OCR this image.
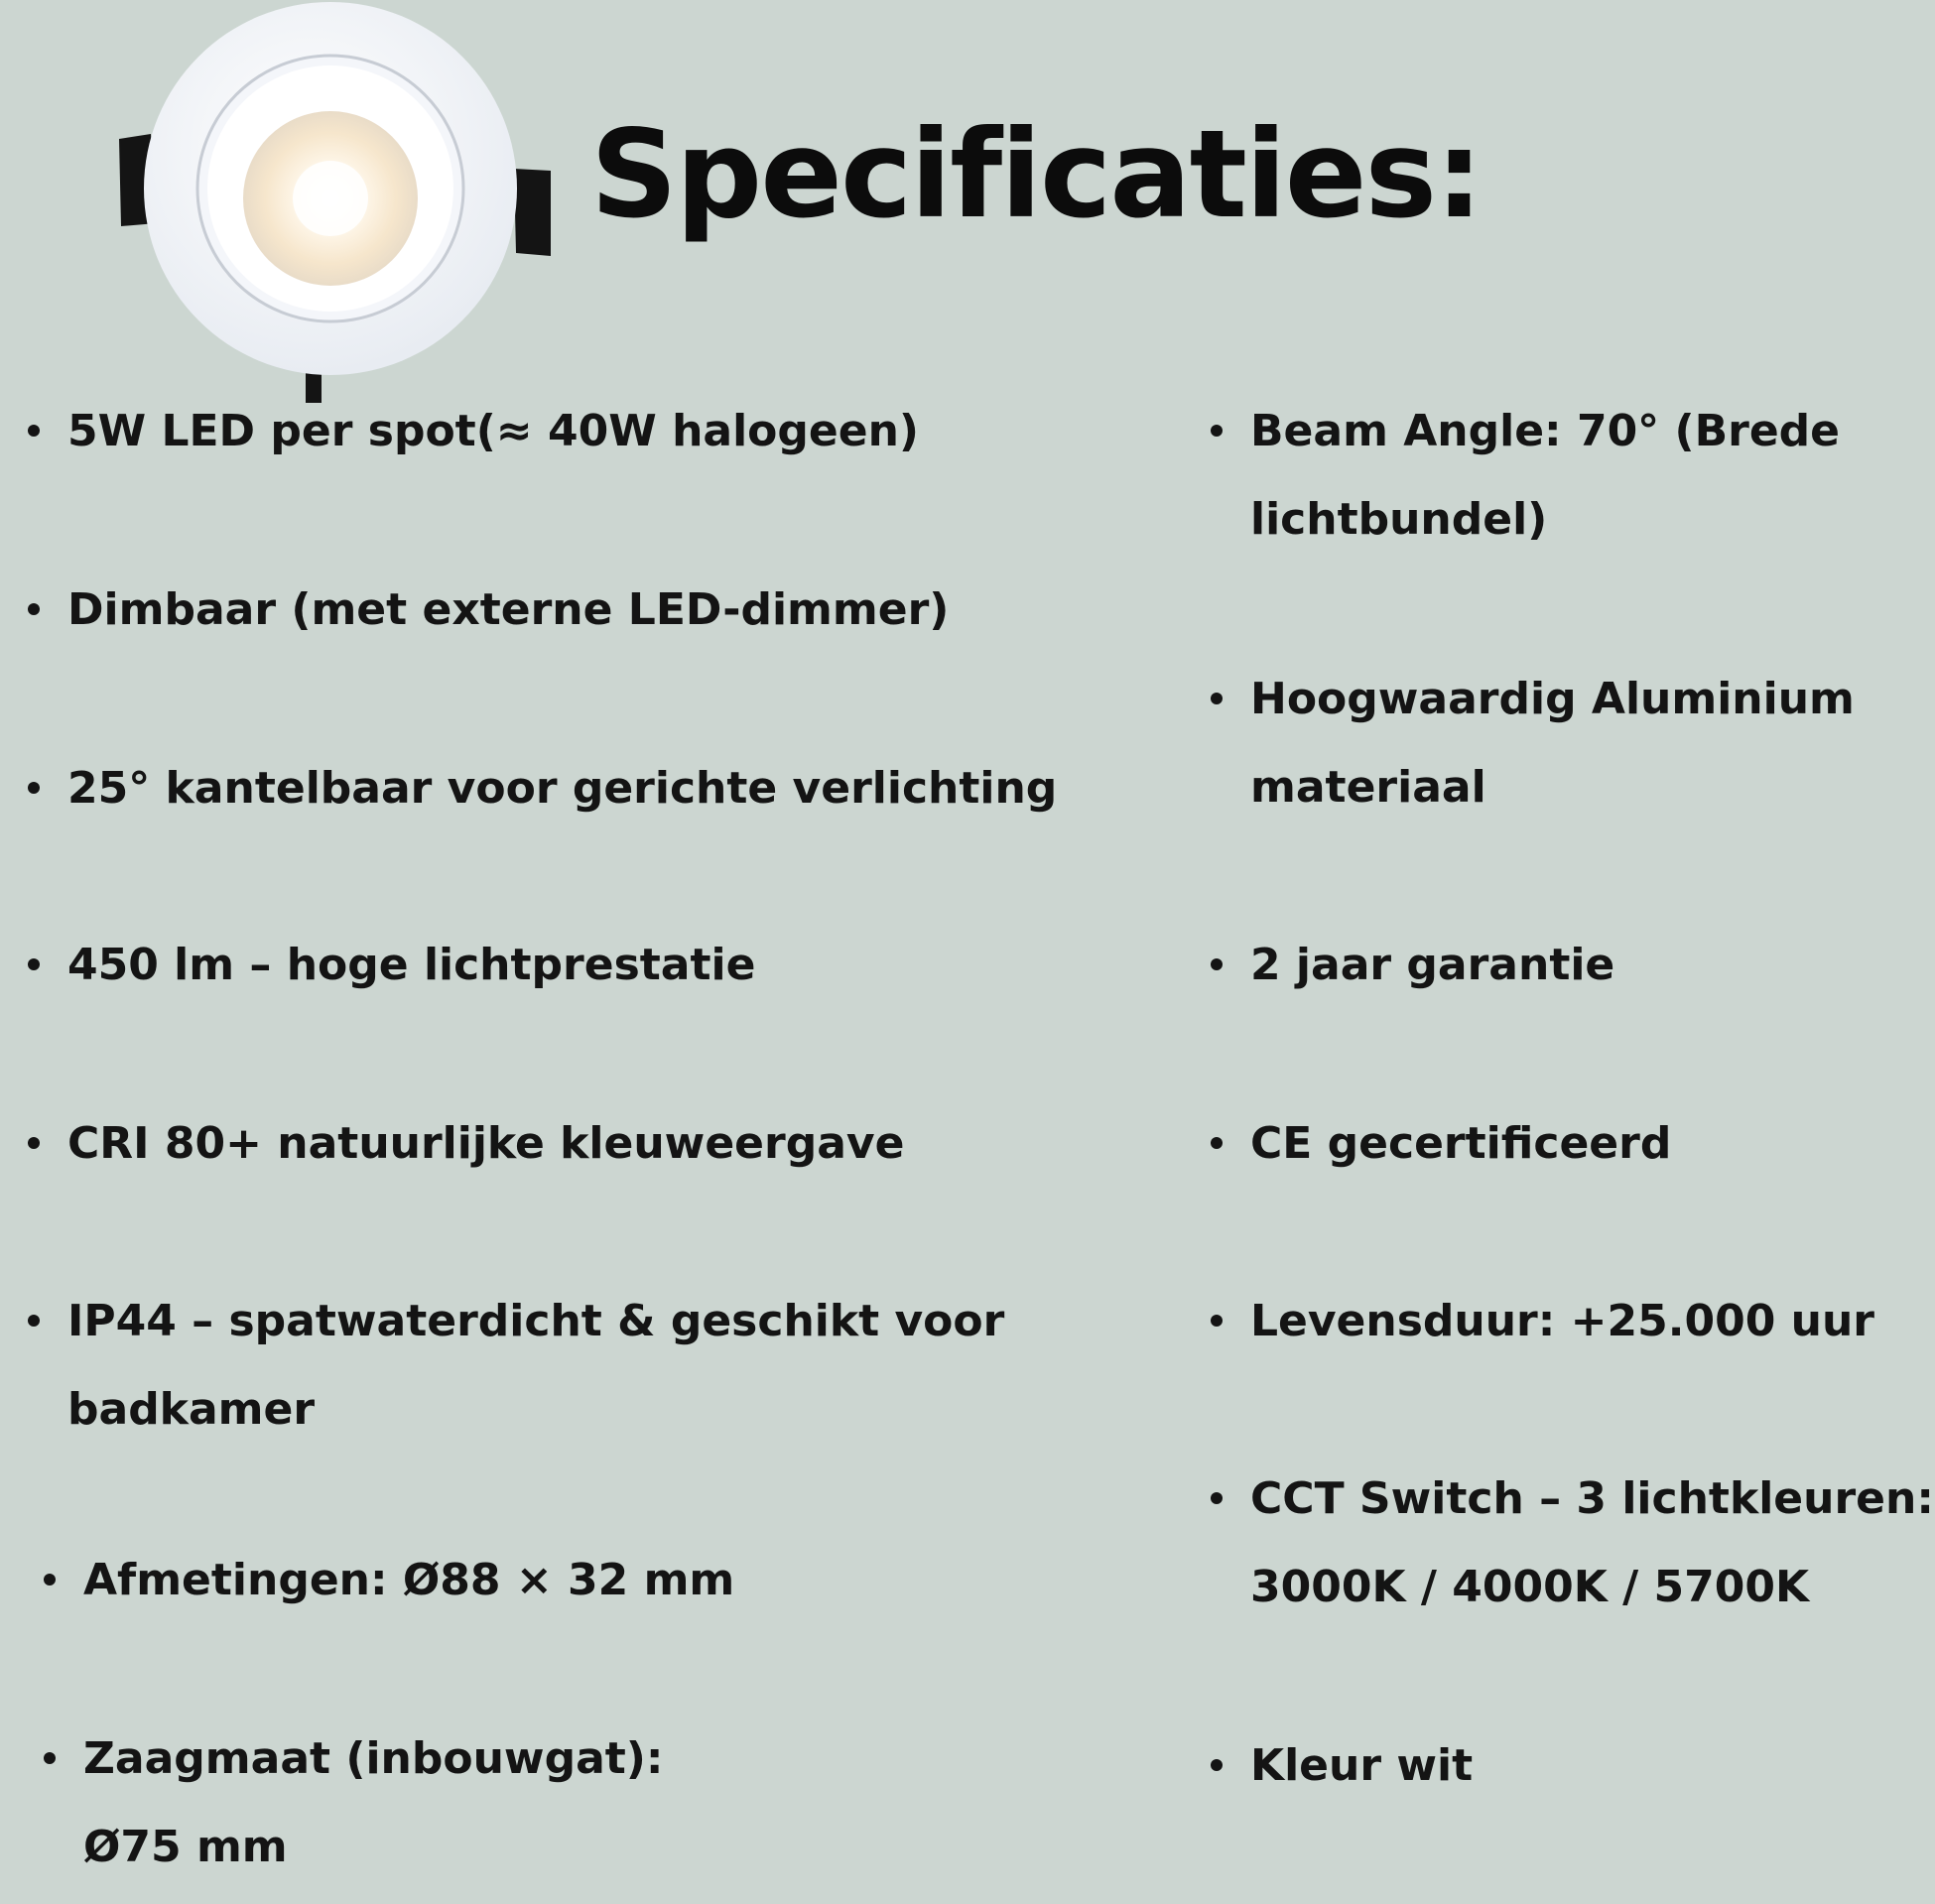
Specificaties:
5W LED per spot(≈ 40W halogeen)
Dimbaar (met externe LED-dimmer)
25° kantelbaar voor gerichte verlichting
450 lm – hoge lichtprestatie
CRI 80+ natuurlijke kleuweergave
IP44 – spatwaterdicht & geschikt voor
badkamer
Afmetingen: Ø88 × 32 mm
Zaagmaat (inbouwgat):
Ø75 mm
Beam Angle: 70° (Brede
lichtbundel)
Hoogwaardig Aluminium
materiaal
2 jaar garantie
CE gecertificeerd
Levensduur: +25.000 uur
CCT Switch – 3 lichtkleuren:
3000K / 4000K / 5700K
Kleur wit
